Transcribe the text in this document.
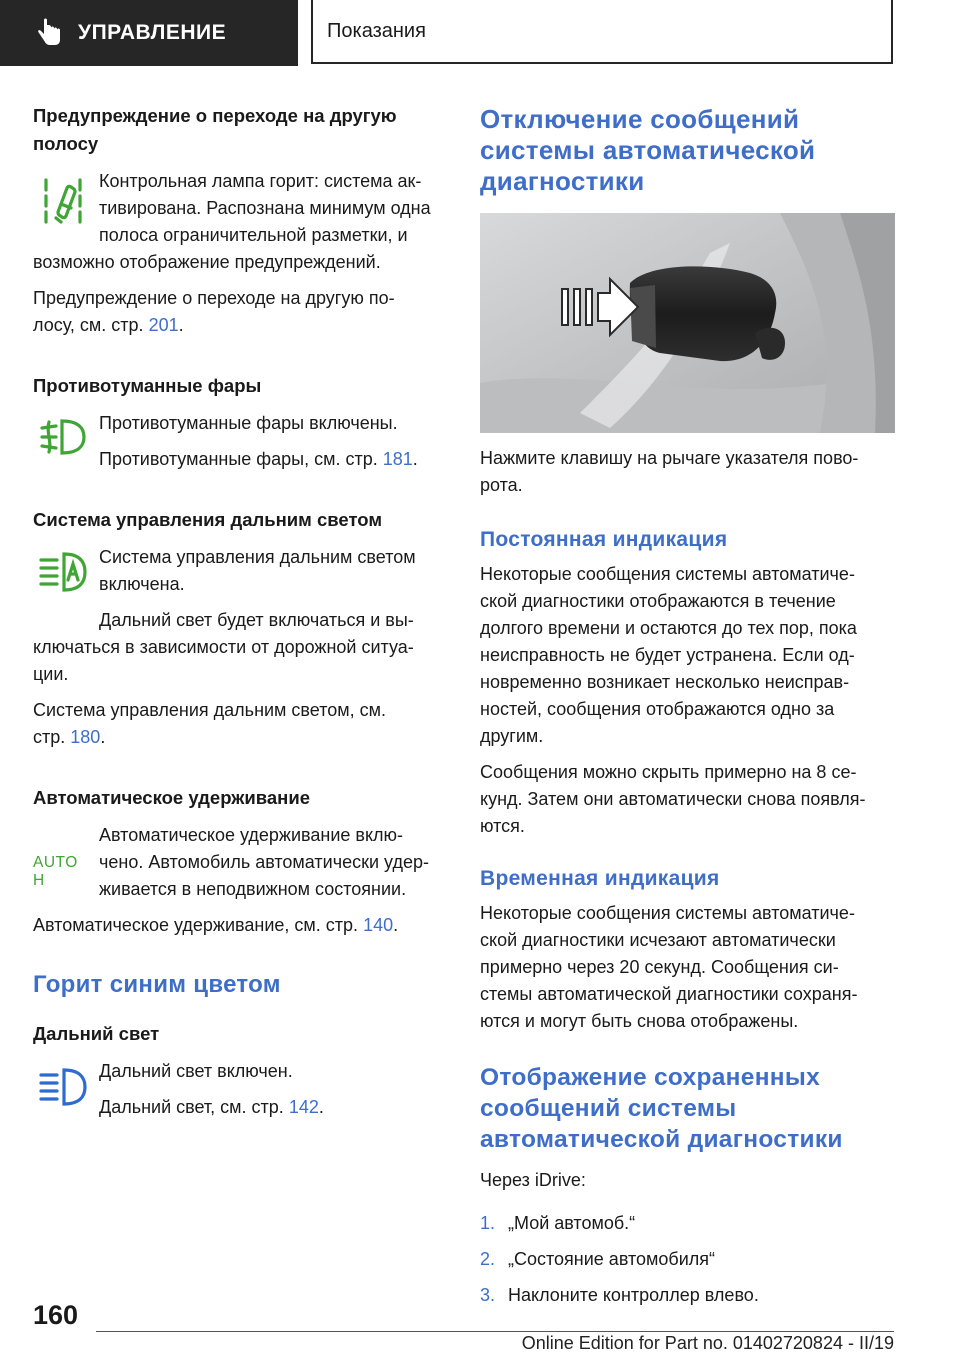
УПРАВЛЕНИЕ	Показания
Предупреждение о переходе на другую полосу
Контрольная лампа горит: система ак-
тивирована. Распознана минимум одна
полоса ограничительной разметки, и
возможно отображение предупреждений.
Предупреждение о переходе на другую по-
лосу, см. стр. 201.
Противотуманные фары
Противотуманные фары включены.
Противотуманные фары, см. стр. 181.
Система управления дальним светом
Система управления дальним светом
включена.
Дальний свет будет включаться и вы-
ключаться в зависимости от дорожной ситуа-
ции.
Система управления дальним светом, см.
стр. 180.
Автоматическое удерживание
AUTO H
Автоматическое удерживание вклю-
чено. Автомобиль автоматически удер-
живается в неподвижном состоянии.
Автоматическое удерживание, см. стр. 140.
Горит синим цветом
Дальний свет
Дальний свет включен.
Дальний свет, см. стр. 142.
Отключение сообщений
системы автоматической
диагностики
Нажмите клавишу на рычаге указателя пово-
рота.
Постоянная индикация
Некоторые сообщения системы автоматиче-
ской диагностики отображаются в течение
долгого времени и остаются до тех пор, пока
неисправность не будет устранена. Если од-
новременно возникает несколько неисправ-
ностей, сообщения отображаются одно за
другим.
Сообщения можно скрыть примерно на 8 се-
кунд. Затем они автоматически снова появля-
ются.
Временная индикация
Некоторые сообщения системы автоматиче-
ской диагностики исчезают автоматически
примерно через 20 секунд. Сообщения си-
стемы автоматической диагностики сохраня-
ются и могут быть снова отображены.
Отображение сохраненных
сообщений системы
автоматической диагностики
Через iDrive:
1. „Мой автомоб.“
2. „Состояние автомобиля“
3. Наклоните контроллер влево.
160
Online Edition for Part no. 01402720824 - II/19
